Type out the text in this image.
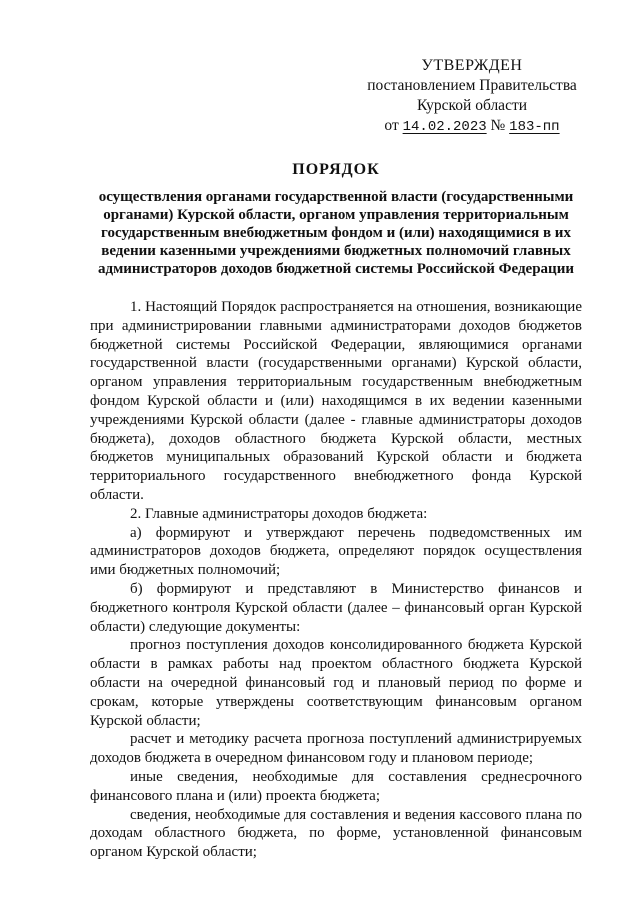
УТВЕРЖДЕН
постановлением Правительства
Курской области
от 14.02.2023 № 183-пп
ПОРЯДОК
осуществления органами государственной власти (государственными органами) Курской области, органом управления территориальным государственным внебюджетным фондом и (или) находящимися в их ведении казенными учреждениями бюджетных полномочий главных администраторов доходов бюджетной системы Российской Федерации

1. Настоящий Порядок распространяется на отношения, возникающие при администрировании главными администраторами доходов бюджетов бюджетной системы Российской Федерации, являющимися органами государственной власти (государственными органами) Курской области, органом управления территориальным государственным внебюджетным фондом Курской области и (или) находящимся в их ведении казенными учреждениями Курской области (далее - главные администраторы доходов бюджета), доходов областного бюджета Курской области, местных бюджетов муниципальных образований Курской области и бюджета территориального государственного внебюджетного фонда Курской области.

2. Главные администраторы доходов бюджета:

а) формируют и утверждают перечень подведомственных им администраторов доходов бюджета, определяют порядок осуществления ими бюджетных полномочий;

б) формируют и представляют в Министерство финансов и бюджетного контроля Курской области (далее – финансовый орган Курской области) следующие документы:

прогноз поступления доходов консолидированного бюджета Курской области в рамках работы над проектом областного бюджета Курской области на очередной финансовый год и плановый период по форме и срокам, которые утверждены соответствующим финансовым органом Курской области;

расчет и методику расчета прогноза поступлений администрируемых доходов бюджета в очередном финансовом году и плановом периоде;

иные сведения, необходимые для составления среднесрочного финансового плана и (или) проекта бюджета;

сведения, необходимые для составления и ведения кассового плана по доходам областного бюджета, по форме, установленной финансовым органом Курской области;
